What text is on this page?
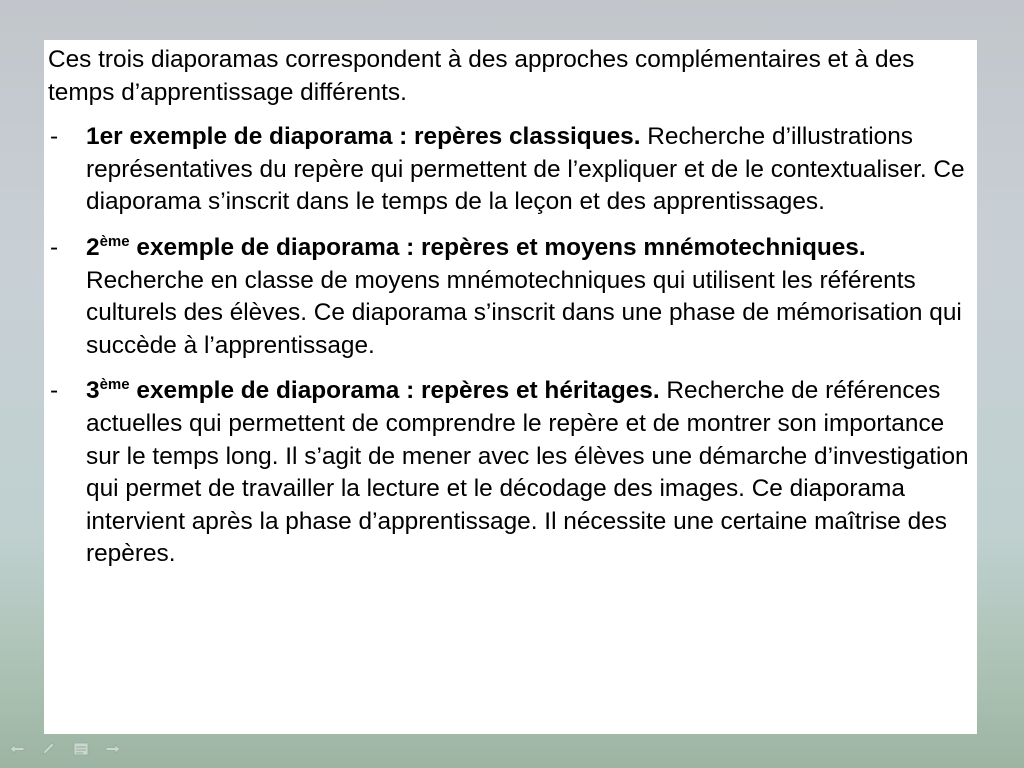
Ces trois diaporamas correspondent à des approches complémentaires et à des temps d’apprentissage différents.

- 1er exemple de diaporama : repères classiques. Recherche d’illustrations représentatives du repère qui permettent de l’expliquer et de le contextualiser. Ce diaporama s’inscrit dans le temps de la leçon et des apprentissages.
- 2ème exemple de diaporama : repères et moyens mnémotechniques. Recherche en classe de moyens mnémotechniques qui utilisent les référents culturels des élèves. Ce diaporama s’inscrit dans une phase de mémorisation qui succède à l’apprentissage.
- 3ème exemple de diaporama : repères et héritages. Recherche de références actuelles qui permettent de comprendre le repère et de montrer son importance sur le temps long. Il s’agit de mener avec les élèves une démarche d’investigation qui permet de travailler la lecture et le décodage des images. Ce diaporama intervient après la phase d’apprentissage. Il nécessite une certaine maîtrise des repères.
